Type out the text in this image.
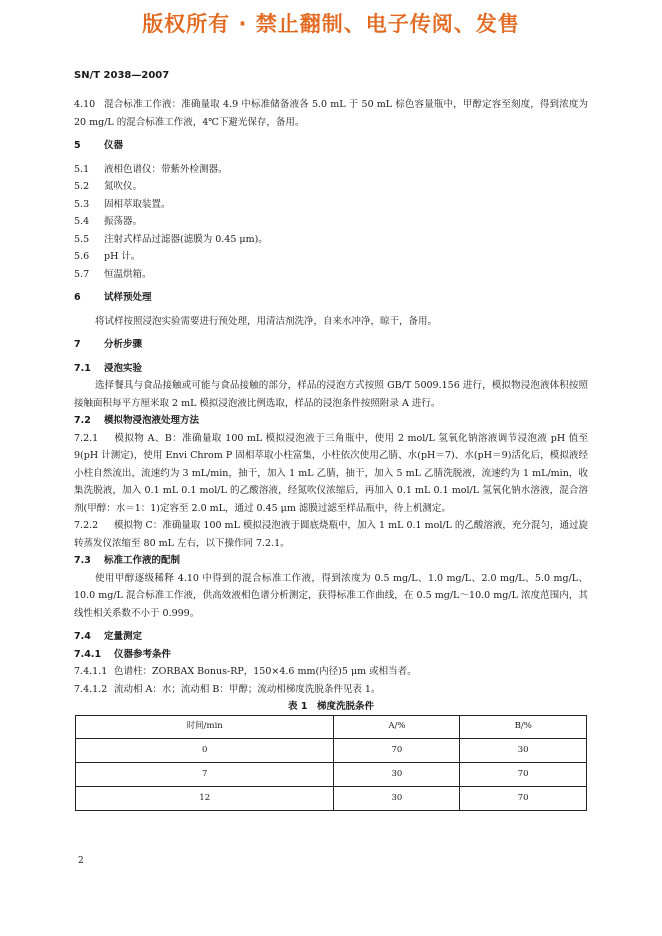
版权所有 · 禁止翻制、电子传阅、发售
SN/T 2038—2007

4.10 混合标准工作液：准确量取 4.9 中标准储备液各 5.0 mL 于 50 mL 棕色容量瓶中，甲醇定容至刻度，得到浓度为 20 mg/L 的混合标准工作液，4℃下避光保存，备用。

5 仪器

5.1 液相色谱仪：带紫外检测器。

5.2 氮吹仪。

5.3 固相萃取装置。

5.4 振荡器。

5.5 注射式样品过滤器(滤膜为 0.45 μm)。

5.6 pH 计。

5.7 恒温烘箱。

6 试样预处理

将试样按照浸泡实验需要进行预处理，用清洁剂洗净，自来水冲净，晾干，备用。

7 分析步骤

7.1 浸泡实验

选择餐具与食品接触或可能与食品接触的部分，样品的浸泡方式按照 GB/T 5009.156 进行，模拟物浸泡液体积按照接触面积每平方厘米取 2 mL 模拟浸泡液比例选取，样品的浸泡条件按照附录 A 进行。

7.2 模拟物浸泡液处理方法

7.2.1 模拟物 A、B：准确量取 100 mL 模拟浸泡液于三角瓶中，使用 2 mol/L 氢氧化钠溶液调节浸泡液 pH 值至 9(pH 计测定)，使用 Envi Chrom P 固相萃取小柱富集，小柱依次使用乙腈、水(pH＝7)、水(pH＝9)活化后，模拟液经小柱自然流出，流速约为 3 mL/min，抽干，加入 1 mL 乙腈，抽干，加入 5 mL 乙腈洗脱液，流速约为 1 mL/min，收集洗脱液，加入 0.1 mL 0.1 mol/L 的乙酸溶液，经氮吹仪浓缩后，再加入 0.1 mL 0.1 mol/L 氢氧化钠水溶液，混合溶剂(甲醇：水＝1：1)定容至 2.0 mL，通过 0.45 μm 滤膜过滤至样品瓶中，待上机测定。

7.2.2 模拟物 C：准确量取 100 mL 模拟浸泡液于圆底烧瓶中，加入 1 mL 0.1 mol/L 的乙酸溶液，充分混匀，通过旋转蒸发仪浓缩至 80 mL 左右，以下操作同 7.2.1。

7.3 标准工作液的配制

使用甲醇逐级稀释 4.10 中得到的混合标准工作液，得到浓度为 0.5 mg/L、1.0 mg/L、2.0 mg/L、5.0 mg/L、10.0 mg/L 混合标准工作液，供高效液相色谱分析测定，获得标准工作曲线，在 0.5 mg/L～10.0 mg/L 浓度范围内，其线性相关系数不小于 0.999。

7.4 定量测定

7.4.1 仪器参考条件

7.4.1.1 色谱柱：ZORBAX Bonus-RP，150×4.6 mm(内径)5 μm 或相当者。

7.4.1.2 流动相 A：水；流动相 B：甲醇；流动相梯度洗脱条件见表 1。

表 1　梯度洗脱条件

时间/min	A/%	B/%
0	70	30
7	30	70
12	30	70
2
